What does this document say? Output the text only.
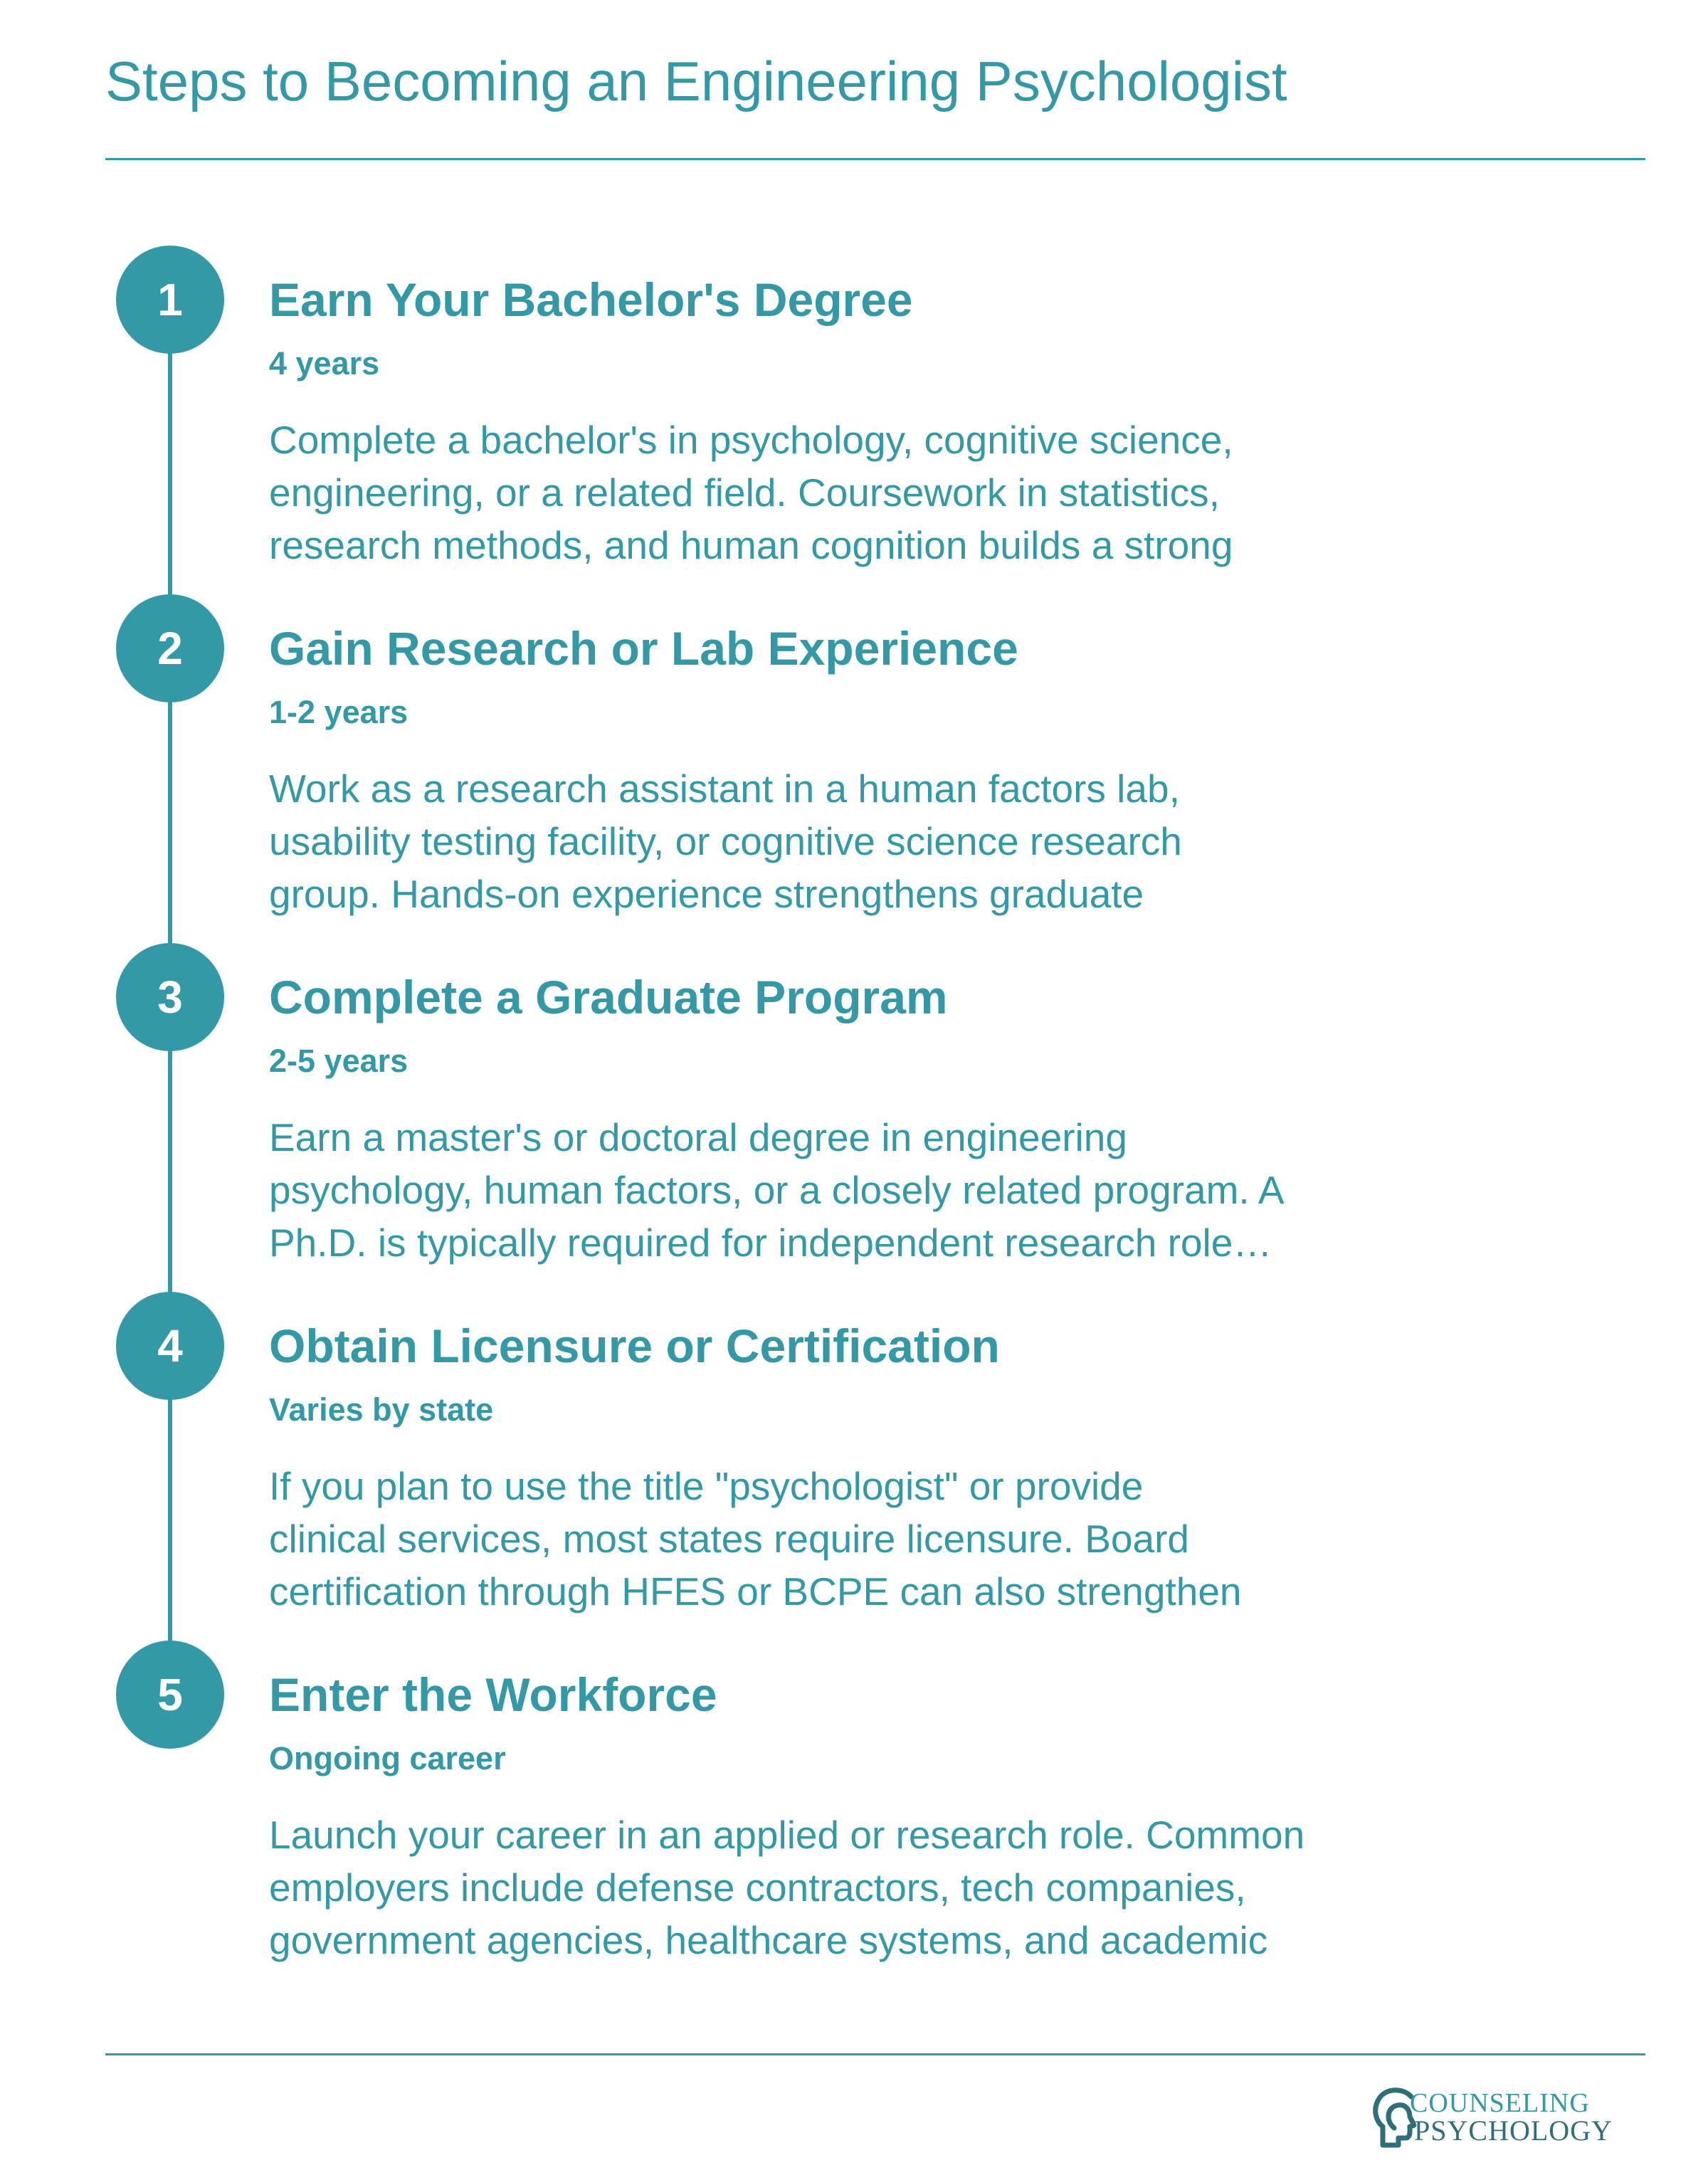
Steps to Becoming an Engineering Psychologist
1	Earn Your Bachelor's Degree
4 years
Complete a bachelor's in psychology, cognitive science,
engineering, or a related field. Coursework in statistics,
research methods, and human cognition builds a strong
2	Gain Research or Lab Experience
1-2 years
Work as a research assistant in a human factors lab,
usability testing facility, or cognitive science research
group. Hands-on experience strengthens graduate
3	Complete a Graduate Program
2-5 years
Earn a master's or doctoral degree in engineering
psychology, human factors, or a closely related program. A
Ph.D. is typically required for independent research role…
4	Obtain Licensure or Certification
Varies by state
If you plan to use the title "psychologist" or provide
clinical services, most states require licensure. Board
certification through HFES or BCPE can also strengthen
5	Enter the Workforce
Ongoing career
Launch your career in an applied or research role. Common
employers include defense contractors, tech companies,
government agencies, healthcare systems, and academic
COUNSELING
PSYCHOLOGY
